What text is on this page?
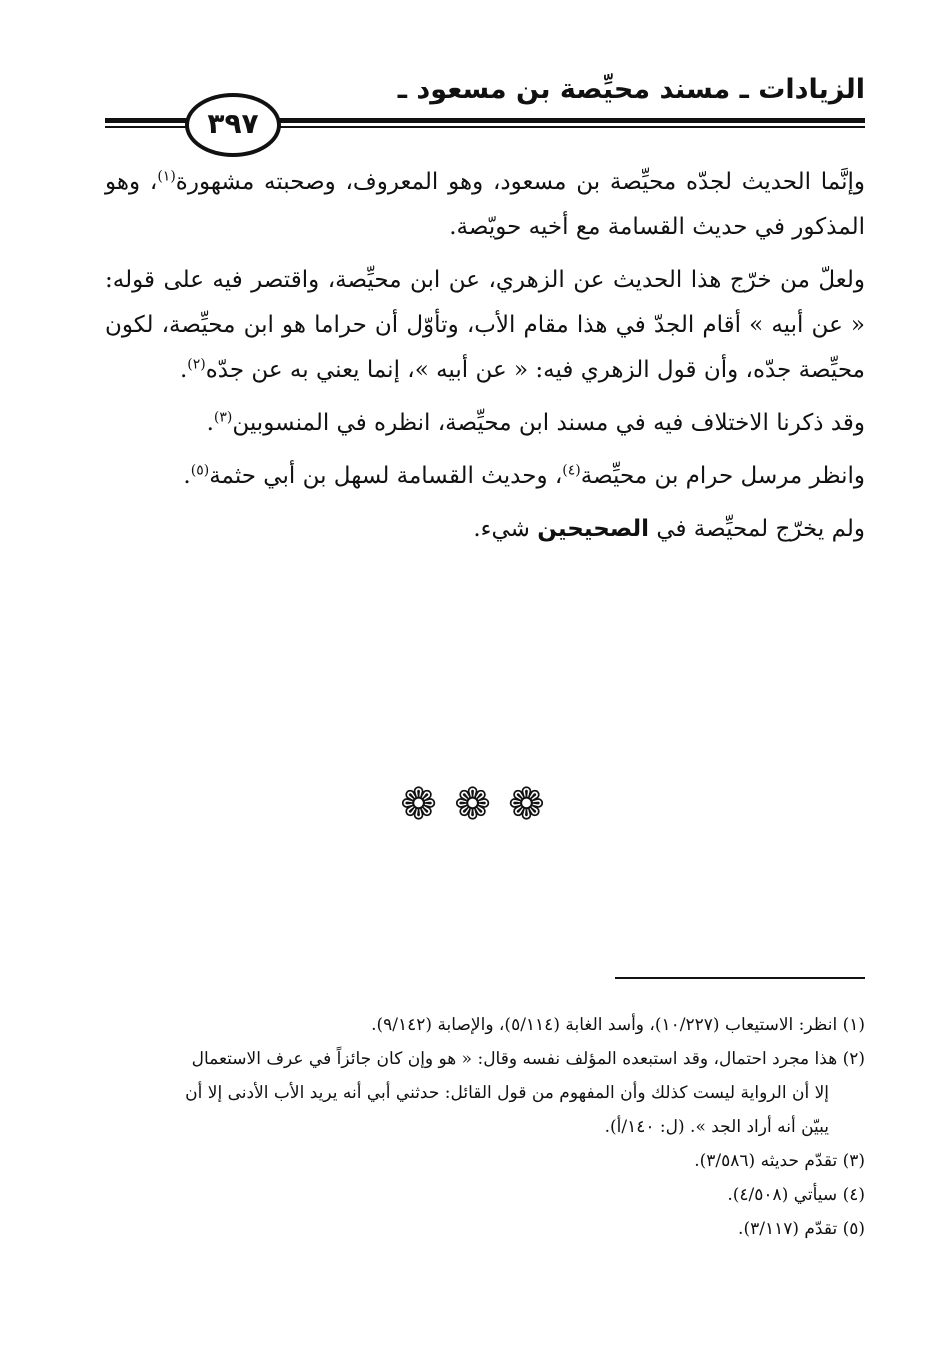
الزيادات ـ مسند محيِّصة بن مسعود ـ
٣٩٧

وإنَّما الحديث لجدّه محيِّصة بن مسعود، وهو المعروف، وصحبته مشهورة$^{(١)}$، وهو المذكور في حديث القسامة مع أخيه حويّصة.

ولعلّ من خرّج هذا الحديث عن الزهري، عن ابن محيِّصة، واقتصر فيه على قوله: « عن أبيه » أقام الجدّ في هذا مقام الأب، وتأوّل أن حراما هو ابن محيِّصة، لكون محيِّصة جدّه، وأن قول الزهري فيه: « عن أبيه »، إنما يعني به عن جدّه$^{(٢)}$.

وقد ذكرنا الاختلاف فيه في مسند ابن محيِّصة، انظره في المنسوبين$^{(٣)}$.

وانظر مرسل حرام بن محيِّصة$^{(٤)}$، وحديث القسامة لسهل بن أبي حثمة$^{(٥)}$.

ولم يخرّج لمحيِّصة في الصحيحين شيء.

❁ ❁ ❁

(١) انظر: الاستيعاب (١٠/٢٢٧)، وأسد الغابة (٥/١١٤)، والإصابة (٩/١٤٢).

(٢) هذا مجرد احتمال، وقد استبعده المؤلف نفسه وقال: « هو وإن كان جائزاً في عرف الاستعمال

إلا أن الرواية ليست كذلك وأن المفهوم من قول القائل: حدثني أبي أنه يريد الأب الأدنى إلا أن

يبيّن أنه أراد الجد ». (ل: ١٤٠/أ).

(٣) تقدّم حديثه (٣/٥٨٦).

(٤) سيأتي (٤/٥٠٨).

(٥) تقدّم (٣/١١٧).
